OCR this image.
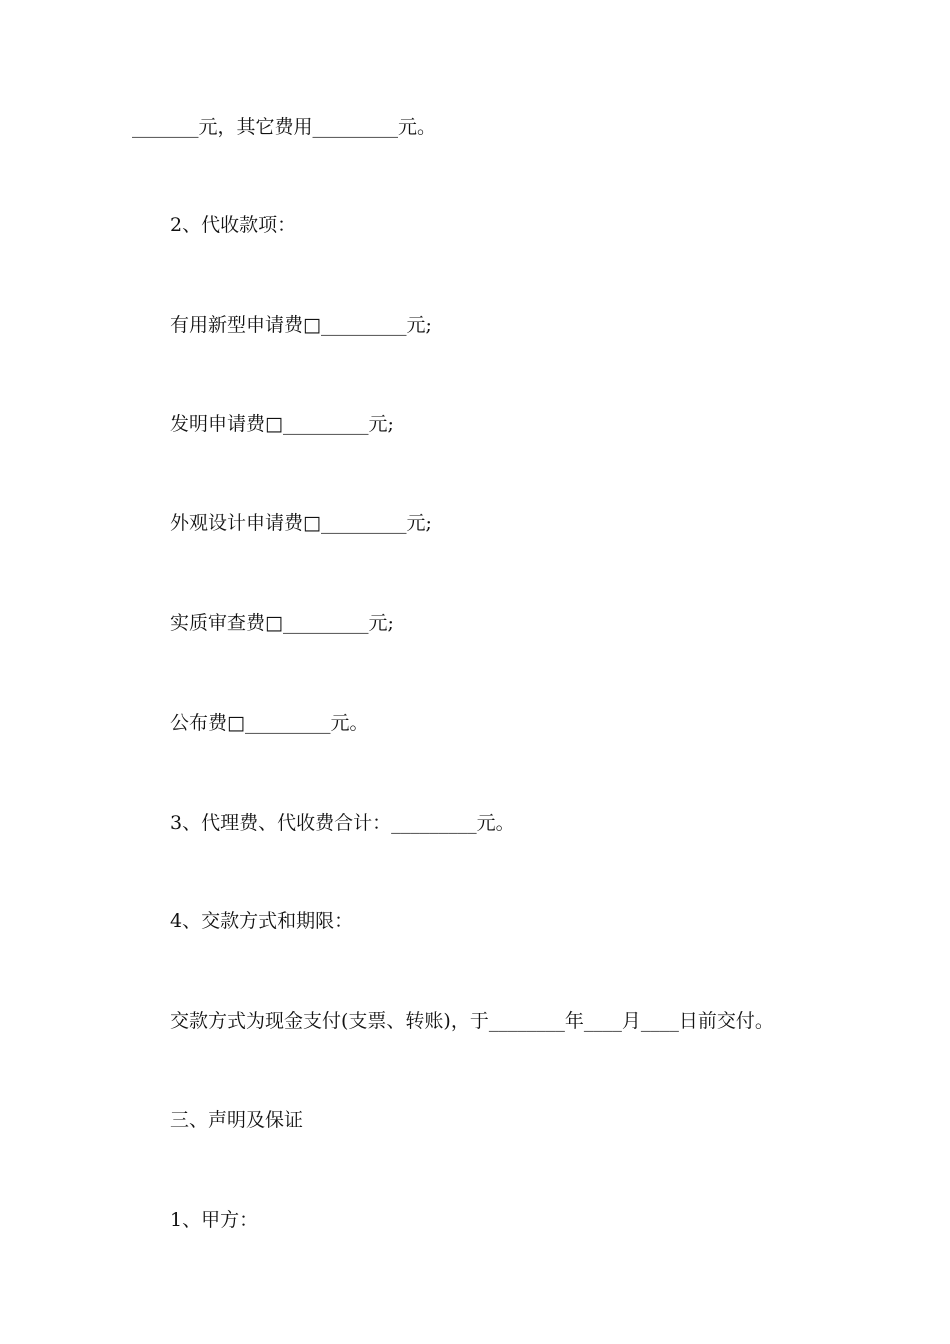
_______元，其它费用_________元。
2、代收款项：
有用新型申请费□_________元;
发明申请费□_________元;
外观设计申请费□_________元;
实质审查费□_________元;
公布费□_________元。
3、代理费、代收费合计：_________元。
4、交款方式和期限：
交款方式为现金支付(支票、转账)，于________年____月____日前交付。
三、声明及保证
1、甲方：
